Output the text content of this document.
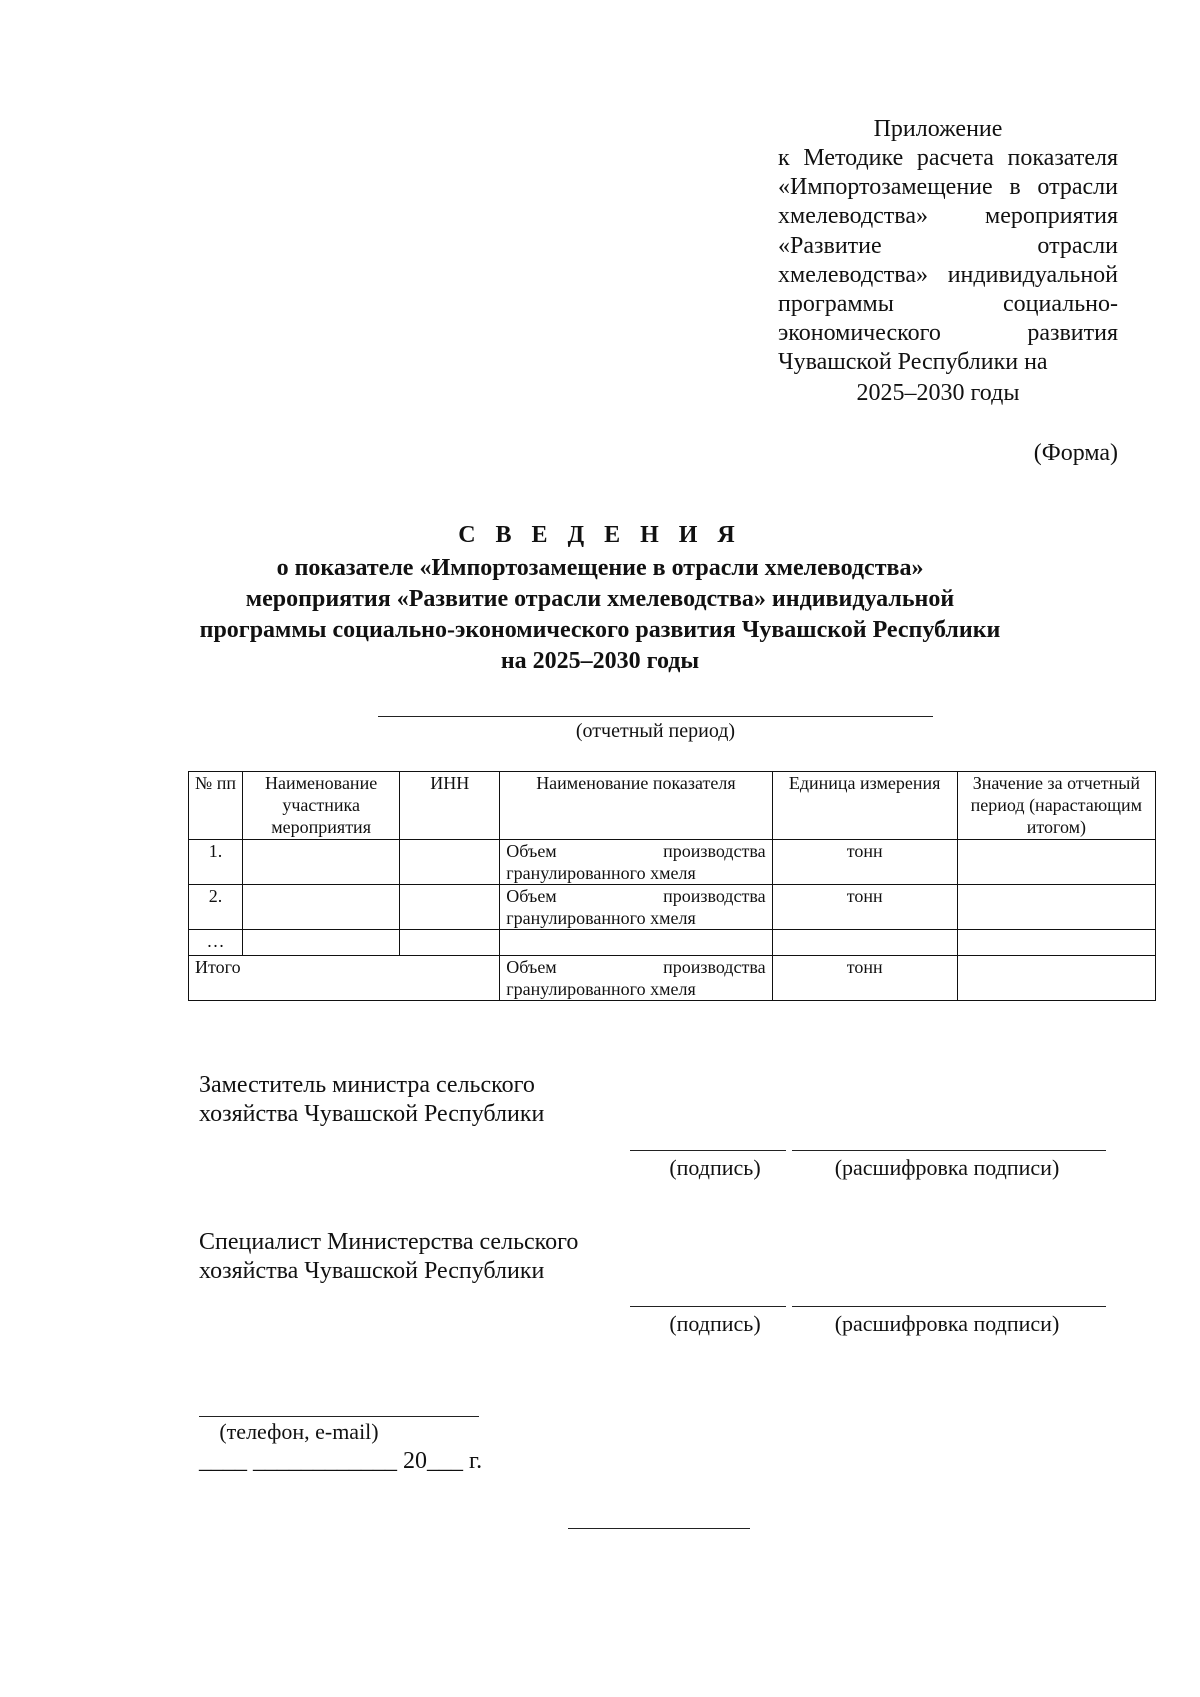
Приложение
к Методике расчета показателя «Импортозамещение в отрасли хмелеводства» мероприятия «Развитие отрасли хмелеводства» индивидуальной программы социально-экономического развития Чувашской Республики на
2025–2030 годы
(Форма)
С В Е Д Е Н И Я
о показателе «Импортозамещение в отрасли хмелеводства»
мероприятия «Развитие отрасли хмелеводства» индивидуальной
программы социально-экономического развития Чувашской Республики
на 2025–2030 годы
(отчетный период)
№ пп	Наименование участника мероприятия	ИНН	Наименование показателя	Единица измерения	Значение за отчетный период (нарастающим итогом)
1.			Объем производства гранулированного хмеля	тонн	
2.			Объем производства гранулированного хмеля	тонн	
…					
Итого			Объем производства гранулированного хмеля	тонн	
Заместитель министра сельского
хозяйства Чувашской Республики
(подпись)	(расшифровка подписи)
Специалист Министерства сельского
хозяйства Чувашской Республики
(подпись)	(расшифровка подписи)
(телефон, e-mail)
____ ____________ 20___ г.
